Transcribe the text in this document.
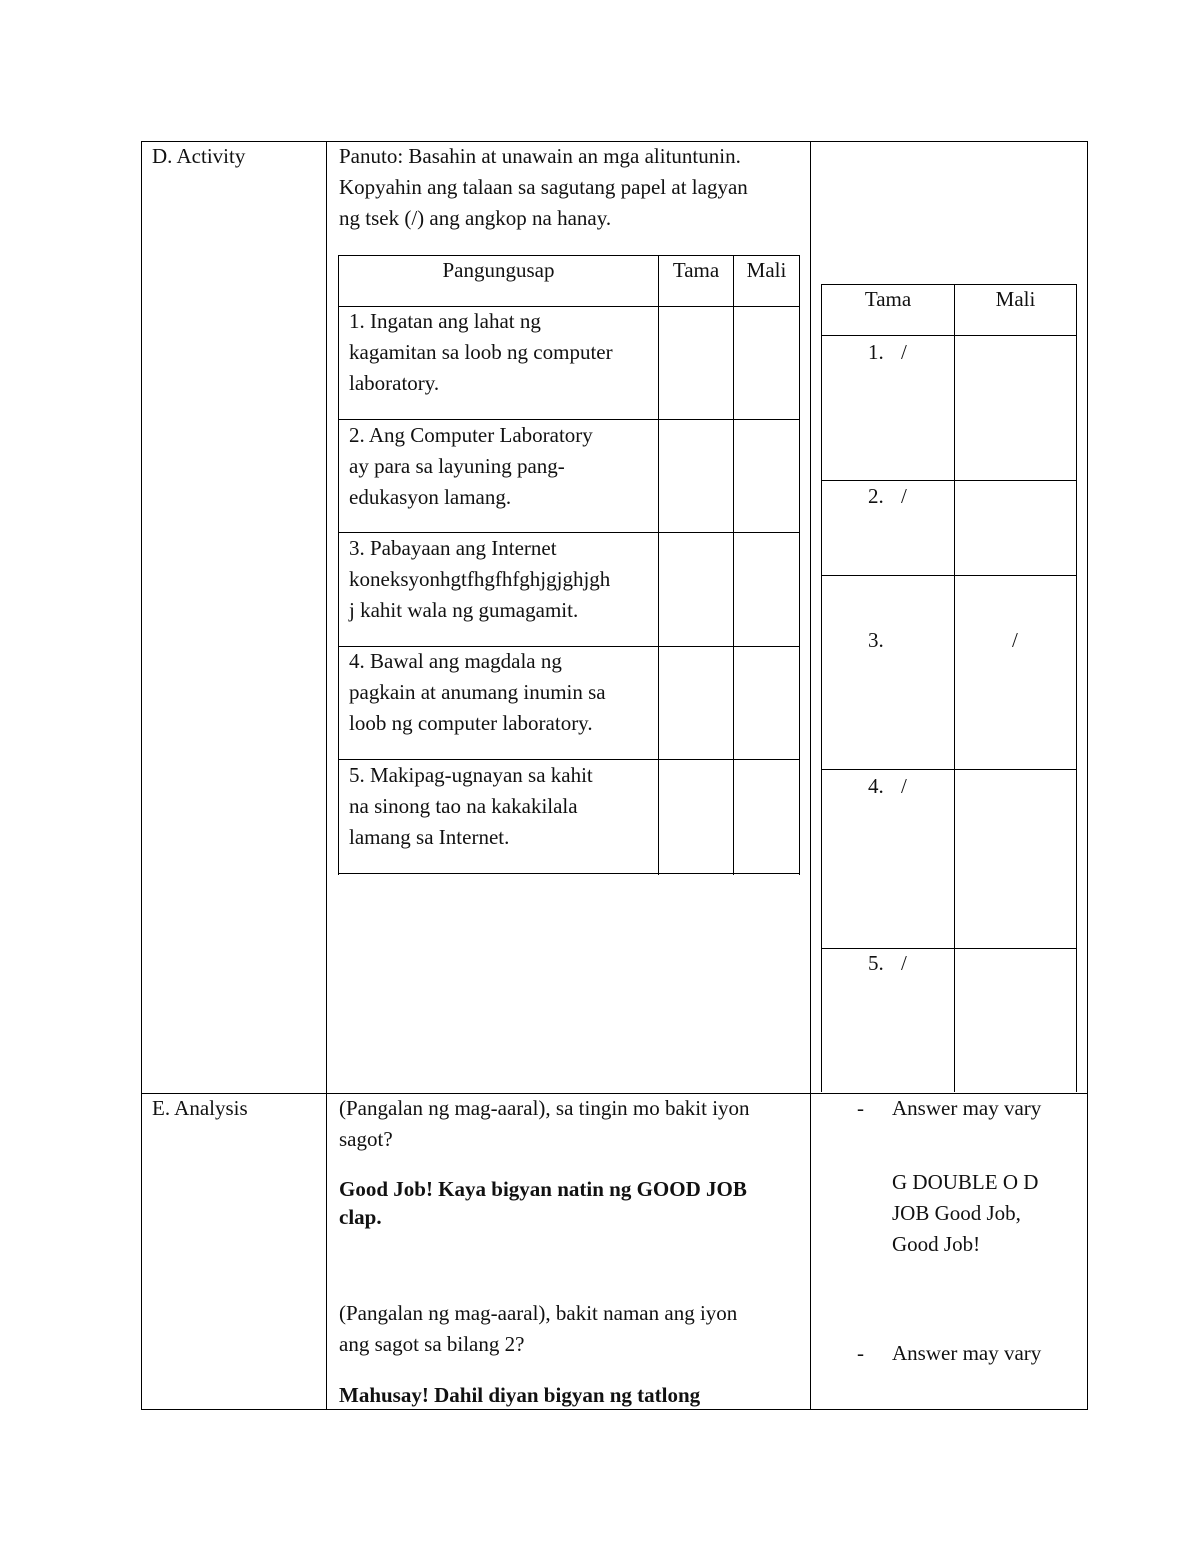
D. Activity	Panuto: Basahin at unawain an mga alituntunin.
Kopyahin ang talaan sa sagutang papel at lagyan
ng tsek (/) ang angkop na hanay.
Pangungusap	Tama	Mali
1. Ingatan ang lahat ng
kagamitan sa loob ng computer
laboratory.
2. Ang Computer Laboratory
ay para sa layuning pang-
edukasyon lamang.
3. Pabayaan ang Internet
koneksyonhgtfhgfhfghjgjghjgh
j kahit wala ng gumagamit.
4. Bawal ang magdala ng
pagkain at anumang inumin sa
loob ng computer laboratory.
5. Makipag-ugnayan sa kahit
na sinong tao na kakakilala
lamang sa Internet.
Tama	Mali
1. /
2. /
3.	/
4. /
5. /
E. Analysis	(Pangalan ng mag-aaral), sa tingin mo bakit iyon
sagot?
Good Job! Kaya bigyan natin ng GOOD JOB
clap.
(Pangalan ng mag-aaral), bakit naman ang iyon
ang sagot sa bilang 2?
Mahusay! Dahil diyan bigyan ng tatlong
- Answer may vary
G DOUBLE O D
JOB Good Job,
Good Job!
- Answer may vary
